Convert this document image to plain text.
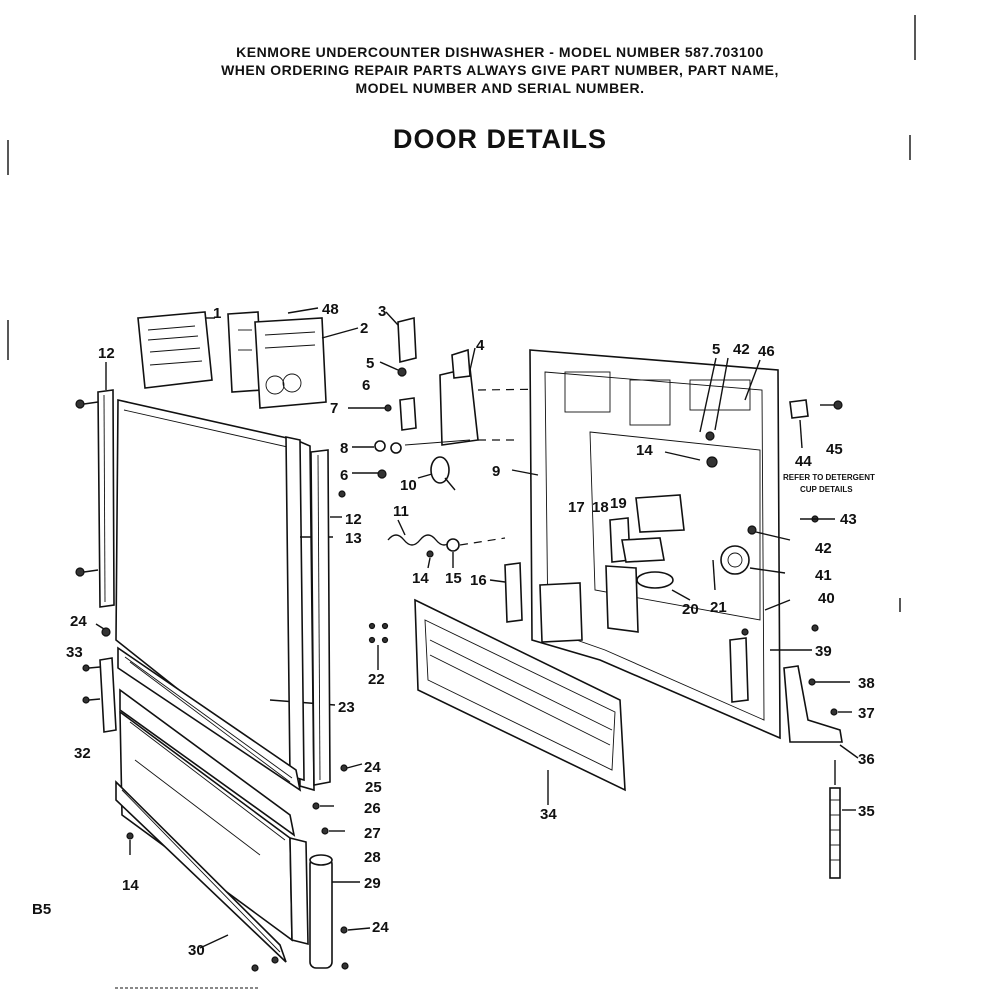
KENMORE UNDERCOUNTER DISHWASHER - MODEL NUMBER 587.703100
WHEN ORDERING REPAIR PARTS ALWAYS GIVE PART NUMBER, PART NAME,
MODEL NUMBER AND SERIAL NUMBER.
DOOR DETAILS
REFER TO DETERGENT
CUP DETAILS
B5
1
2
3
4
5
5
6
6
7
8
9
10
11
12
12
13
14
14
14
15 16
17 18 19
20 21
22
23
24
24
24
25
26
27
28
29
30
32
33
34	35
36
37
38
39
40
41
42
42
43
44
45
46
48
